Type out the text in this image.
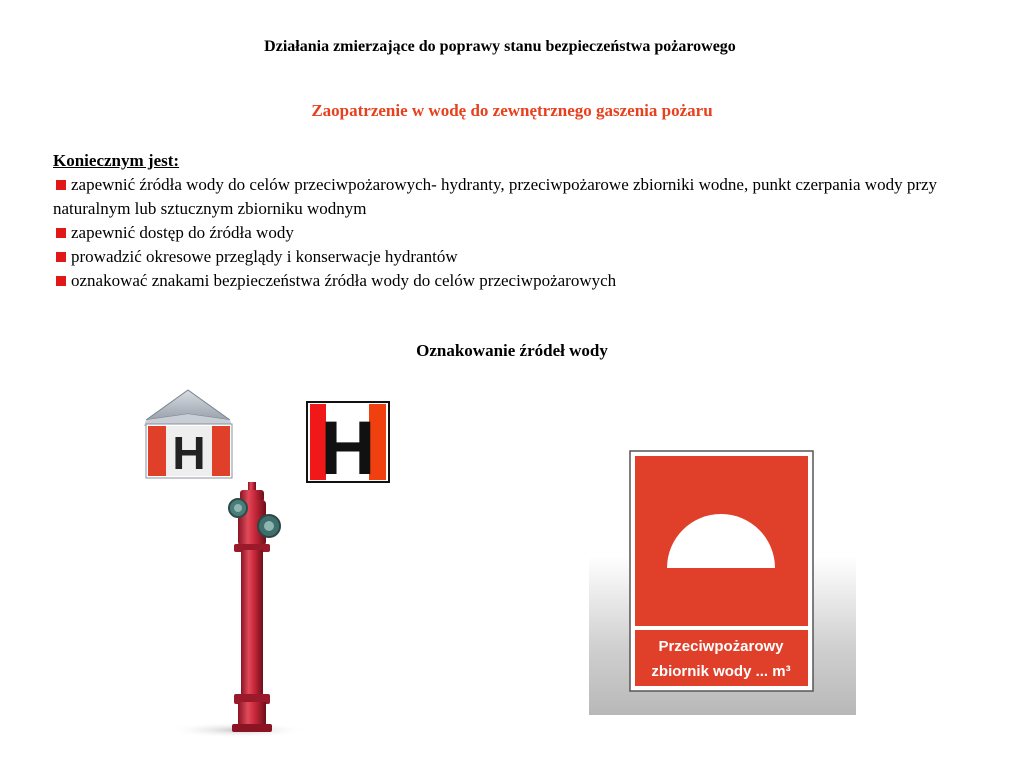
Działania zmierzające do poprawy stanu bezpieczeństwa pożarowego
Zaopatrzenie w wodę do zewnętrznego gaszenia pożaru
Koniecznym jest:
zapewnić źródła wody do celów przeciwpożarowych- hydranty, przeciwpożarowe zbiorniki wodne, punkt czerpania wody przy naturalnym lub sztucznym zbiorniku wodnym
zapewnić dostęp do źródła wody
prowadzić okresowe przeglądy i konserwacje hydrantów
oznakować znakami bezpieczeństwa źródła wody do celów przeciwpożarowych
Oznakowanie źródeł wody
H H
Przeciwpożarowy
zbiornik wody ... m³
